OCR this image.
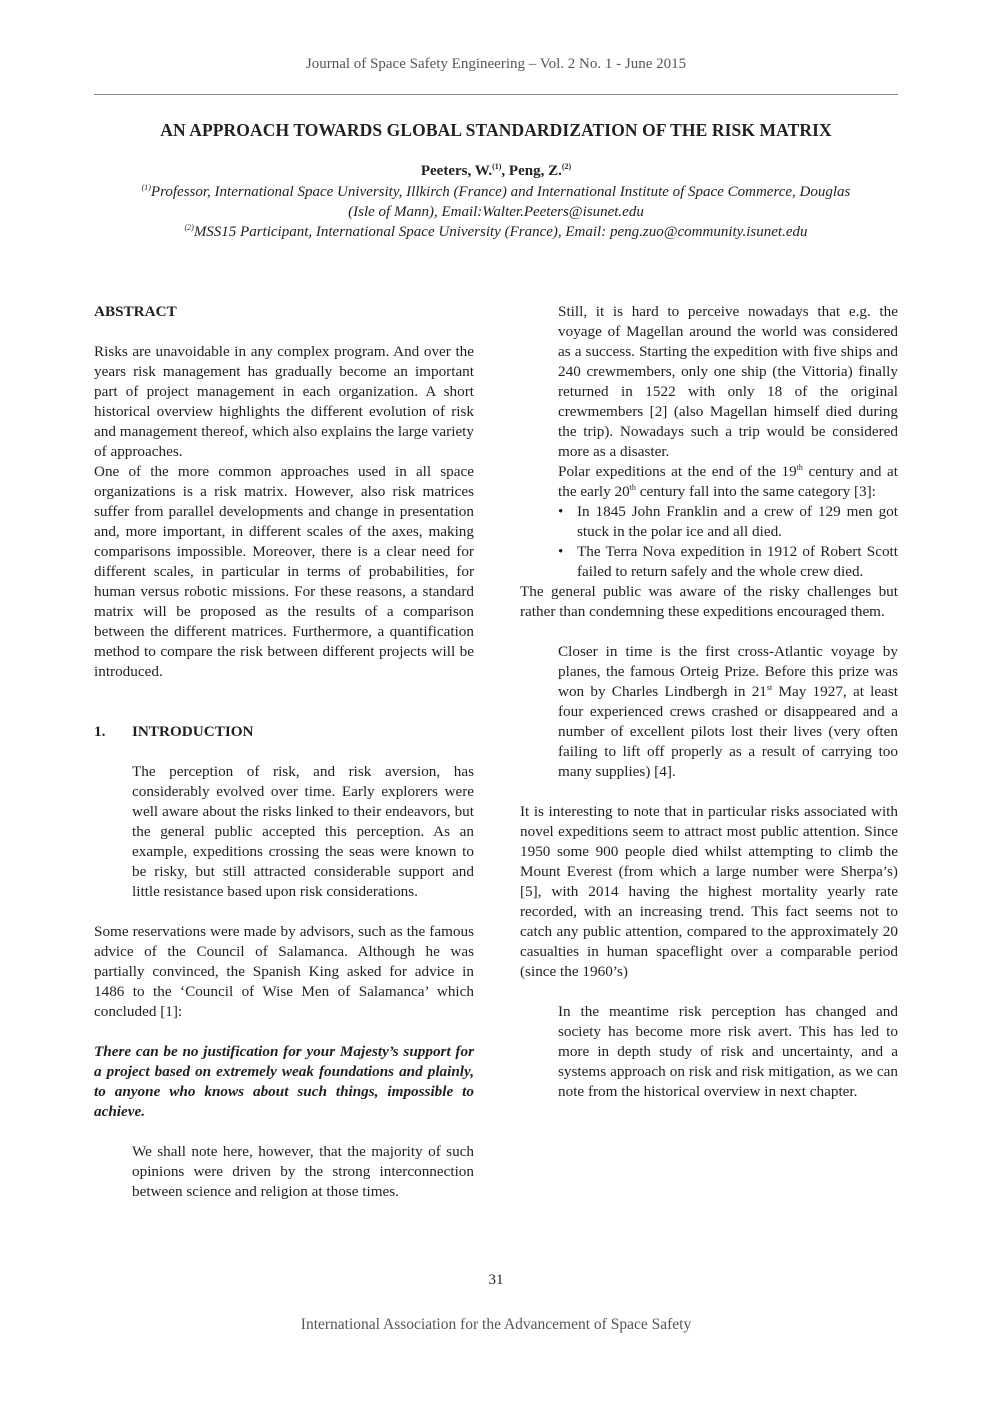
Journal of Space Safety Engineering – Vol. 2 No. 1 - June 2015
AN APPROACH TOWARDS GLOBAL STANDARDIZATION OF THE RISK MATRIX
Peeters, W.$^{(1)}$, Peng, Z.$^{(2)}$
$^{(1)}$Professor, International Space University, Illkirch (France) and International Institute of Space Commerce, Douglas
(Isle of Mann), Email:Walter.Peeters@isunet.edu
$^{(2)}$MSS15 Participant, International Space University (France), Email: peng.zuo@community.isunet.edu

ABSTRACT

Risks are unavoidable in any complex program. And over the years risk management has gradually become an important part of project management in each organization. A short historical overview highlights the different evolution of risk and management thereof, which also explains the large variety of approaches.

One of the more common approaches used in all space organizations is a risk matrix. However, also risk matrices suffer from parallel developments and change in presentation and, more important, in different scales of the axes, making comparisons impossible. Moreover, there is a clear need for different scales, in particular in terms of probabilities, for human versus robotic missions. For these reasons, a standard matrix will be proposed as the results of a comparison between the different matrices. Furthermore, a quantification method to compare the risk between different projects will be introduced.

1. INTRODUCTION

The perception of risk, and risk aversion, has considerably evolved over time. Early explorers were well aware about the risks linked to their endeavors, but the general public accepted this perception. As an example, expeditions crossing the seas were known to be risky, but still attracted considerable support and little resistance based upon risk considerations.

Some reservations were made by advisors, such as the famous advice of the Council of Salamanca. Although he was partially convinced, the Spanish King asked for advice in 1486 to the ‘Council of Wise Men of Salamanca’ which concluded [1]:

There can be no justification for your Majesty’s support for a project based on extremely weak foundations and plainly, to anyone who knows about such things, impossible to achieve.

We shall note here, however, that the majority of such opinions were driven by the strong interconnection between science and religion at those times.

Still, it is hard to perceive nowadays that e.g. the voyage of Magellan around the world was considered as a success. Starting the expedition with five ships and 240 crewmembers, only one ship (the Vittoria) finally returned in 1522 with only 18 of the original crewmembers [2] (also Magellan himself died during the trip). Nowadays such a trip would be considered more as a disaster.

Polar expeditions at the end of the 19th century and at the early 20th century fall into the same category [3]:

• In 1845 John Franklin and a crew of 129 men got stuck in the polar ice and all died.
• The Terra Nova expedition in 1912 of Robert Scott failed to return safely and the whole crew died.

The general public was aware of the risky challenges but rather than condemning these expeditions encouraged them.

Closer in time is the first cross-Atlantic voyage by planes, the famous Orteig Prize. Before this prize was won by Charles Lindbergh in 21st May 1927, at least four experienced crews crashed or disappeared and a number of excellent pilots lost their lives (very often failing to lift off properly as a result of carrying too many supplies) [4].

It is interesting to note that in particular risks associated with novel expeditions seem to attract most public attention. Since 1950 some 900 people died whilst attempting to climb the Mount Everest (from which a large number were Sherpa’s) [5], with 2014 having the highest mortality yearly rate recorded, with an increasing trend. This fact seems not to catch any public attention, compared to the approximately 20 casualties in human spaceflight over a comparable period (since the 1960’s)

In the meantime risk perception has changed and society has become more risk avert. This has led to more in depth study of risk and uncertainty, and a systems approach on risk and risk mitigation, as we can note from the historical overview in next chapter.

31
International Association for the Advancement of Space Safety
